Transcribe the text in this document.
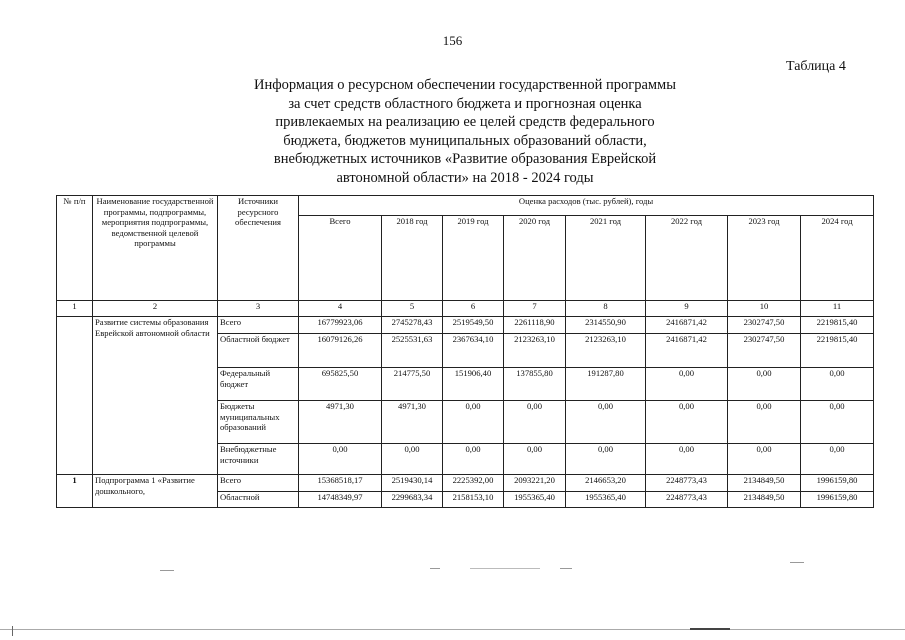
156
Таблица 4
Информация о ресурсном обеспечении государственной программы
за счет средств областного бюджета и прогнозная оценка
привлекаемых на реализацию ее целей средств федерального
бюджета, бюджетов муниципальных образований области,
внебюджетных источников «Развитие образования Еврейской
автономной области» на 2018 - 2024 годы
№ п/п	Наименование государственной программы, подпрограммы, мероприятия подпрограммы, ведомственной целевой программы	Источники ресурсного обеспечения	Оценка расходов (тыс. рублей), годы							
			Всего	2018 год	2019 год	2020 год	2021 год	2022 год	2023 год	2024 год
1	2	3	4	5	6	7	8	9	10	11
	Развитие системы образования Еврейской автономной области	Всего	16779923,06	2745278,43	2519549,50	2261118,90	2314550,90	2416871,42	2302747,50	2219815,40
		Областной бюджет	16079126,26	2525531,63	2367634,10	2123263,10	2123263,10	2416871,42	2302747,50	2219815,40
		Федеральный бюджет	695825,50	214775,50	151906,40	137855,80	191287,80	0,00	0,00	0,00
		Бюджеты муниципальных образований	4971,30	4971,30	0,00	0,00	0,00	0,00	0,00	0,00
		Внебюджетные источники	0,00	0,00	0,00	0,00	0,00	0,00	0,00	0,00
1	Подпрограмма 1 «Развитие дошкольного,	Всего	15368518,17	2519430,14	2225392,00	2093221,20	2146653,20	2248773,43	2134849,50	1996159,80
		Областной	14748349,97	2299683,34	2158153,10	1955365,40	1955365,40	2248773,43	2134849,50	1996159,80
